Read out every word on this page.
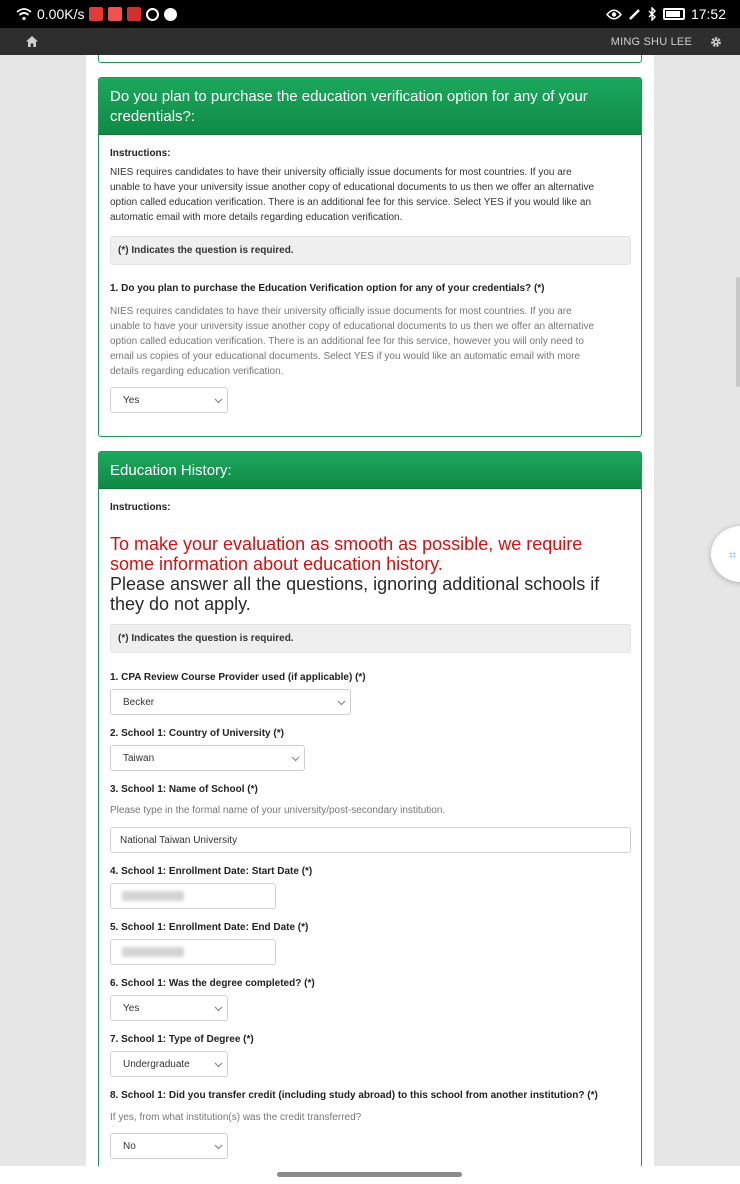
0.00K/s	17:52
MING SHU LEE
Do you plan to purchase the education verification option for any of your credentials?:
Instructions:
NIES requires candidates to have their university officially issue documents for most countries. If you are
unable to have your university issue another copy of educational documents to us then we offer an alternative
option called education verification. There is an additional fee for this service. Select YES if you would like an
automatic email with more details regarding education verification.
(*) Indicates the question is required.
1. Do you plan to purchase the Education Verification option for any of your credentials? (*)
NIES requires candidates to have their university officially issue documents for most countries. If you are
unable to have your university issue another copy of educational documents to us then we offer an alternative
option called education verification. There is an additional fee for this service, however you will only need to
email us copies of your educational documents. Select YES if you would like an automatic email with more
details regarding education verification.
Yes
Education History:
Instructions:
To make your evaluation as smooth as possible, we require
some information about education history.
Please answer all the questions, ignoring additional schools if
they do not apply.
(*) Indicates the question is required.
1. CPA Review Course Provider used (if applicable) (*)
Becker
2. School 1: Country of University (*)
Taiwan
3. School 1: Name of School (*)
Please type in the formal name of your university/post-secondary institution.
National Taiwan University
4. School 1: Enrollment Date: Start Date (*)
5. School 1: Enrollment Date: End Date (*)
6. School 1: Was the degree completed? (*)
Yes
7. School 1: Type of Degree (*)
Undergraduate
8. School 1: Did you transfer credit (including study abroad) to this school from another institution? (*)
If yes, from what institution(s) was the credit transferred?
No
⌗
